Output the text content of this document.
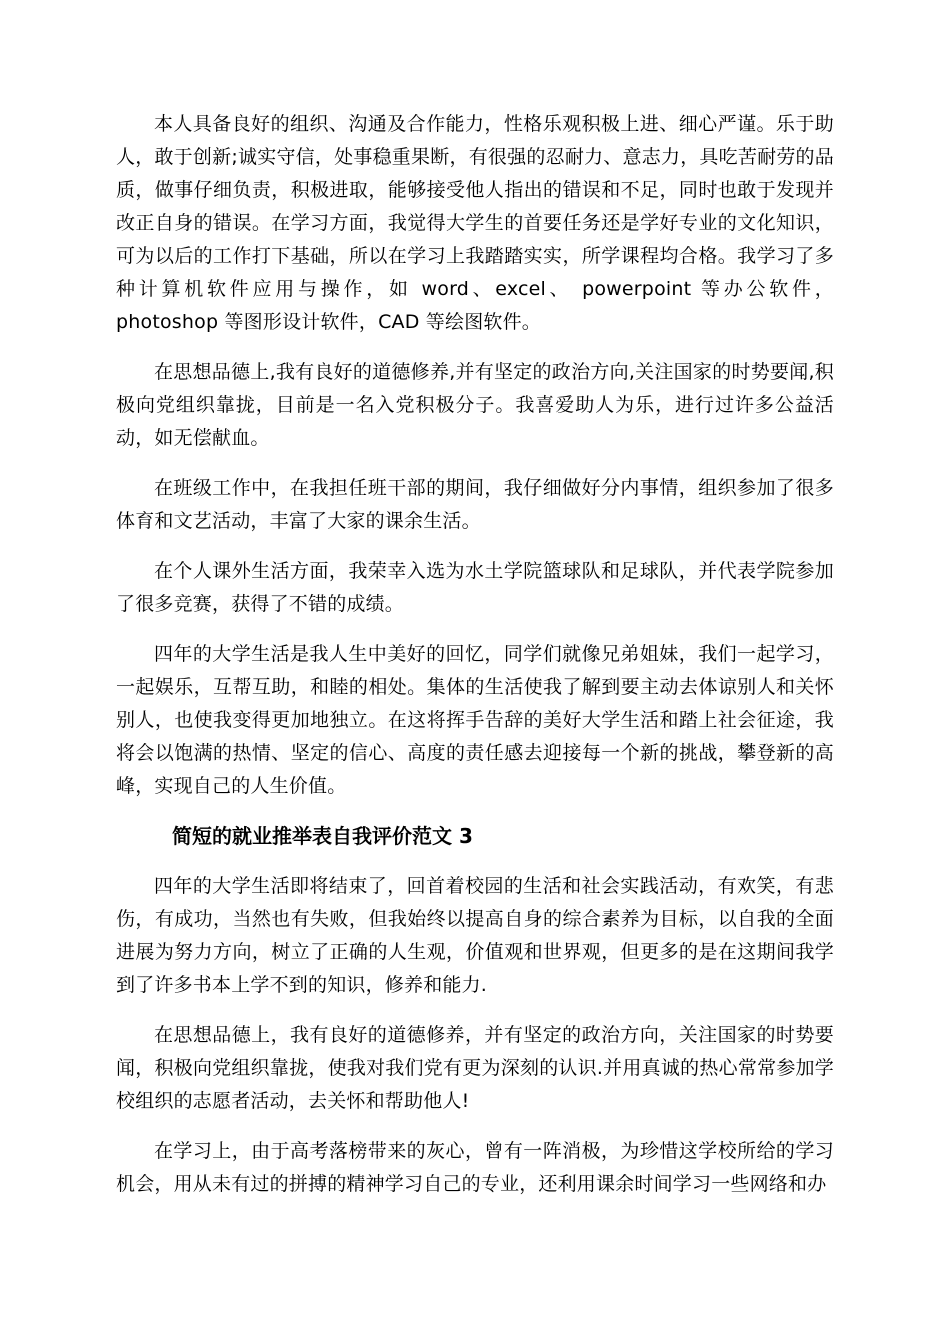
本人具备良好的组织、沟通及合作能力，性格乐观积极上进、细心严谨。乐于助人，敢于创新;诚实守信，处事稳重果断，有很强的忍耐力、意志力，具吃苦耐劳的品质，做事仔细负责，积极进取，能够接受他人指出的错误和不足，同时也敢于发现并改正自身的错误。在学习方面，我觉得大学生的首要任务还是学好专业的文化知识，可为以后的工作打下基础，所以在学习上我踏踏实实，所学课程均合格。我学习了多种计算机软件应用与操作，如 word、excel、 powerpoint 等办公软件，photoshop 等图形设计软件，CAD 等绘图软件。

在思想品德上,我有良好的道德修养,并有坚定的政治方向,关注国家的时势要闻,积极向党组织靠拢，目前是一名入党积极分子。我喜爱助人为乐，进行过许多公益活动，如无偿献血。

在班级工作中，在我担任班干部的期间，我仔细做好分内事情，组织参加了很多体育和文艺活动，丰富了大家的课余生活。

在个人课外生活方面，我荣幸入选为水土学院篮球队和足球队，并代表学院参加了很多竞赛，获得了不错的成绩。

四年的大学生活是我人生中美好的回忆，同学们就像兄弟姐妹，我们一起学习，一起娱乐，互帮互助，和睦的相处。集体的生活使我了解到要主动去体谅别人和关怀别人，也使我变得更加地独立。在这将挥手告辞的美好大学生活和踏上社会征途，我将会以饱满的热情、坚定的信心、高度的责任感去迎接每一个新的挑战，攀登新的高峰，实现自己的人生价值。

简短的就业推举表自我评价范文 3

四年的大学生活即将结束了，回首着校园的生活和社会实践活动，有欢笑，有悲伤，有成功，当然也有失败，但我始终以提高自身的综合素养为目标，以自我的全面进展为努力方向，树立了正确的人生观，价值观和世界观，但更多的是在这期间我学到了许多书本上学不到的知识，修养和能力.

在思想品德上，我有良好的道德修养，并有坚定的政治方向，关注国家的时势要闻，积极向党组织靠拢，使我对我们党有更为深刻的认识.并用真诚的热心常常参加学校组织的志愿者活动，去关怀和帮助他人!

在学习上，由于高考落榜带来的灰心，曾有一阵消极，为珍惜这学校所给的学习机会，用从未有过的拼搏的精神学习自己的专业，还利用课余时间学习一些网络和办
